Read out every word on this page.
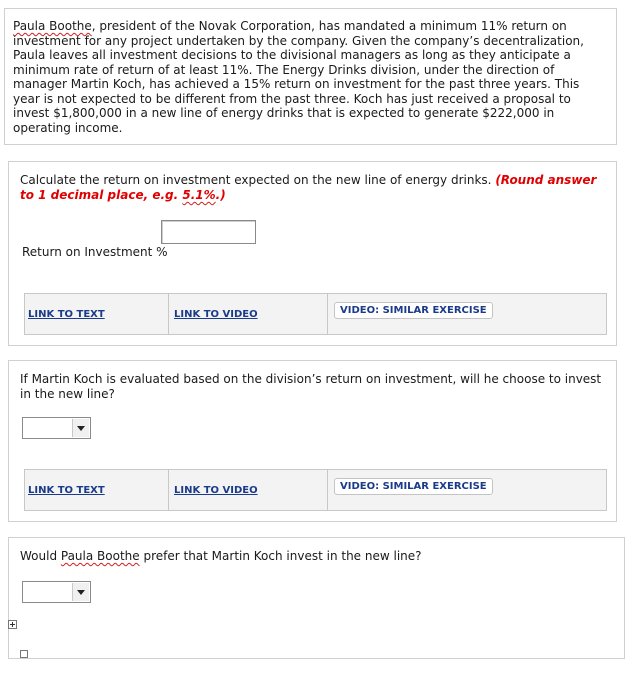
Paula Boothe, president of the Novak Corporation, has mandated a minimum 11% return on investment for any project undertaken by the company. Given the company’s decentralization, Paula leaves all investment decisions to the divisional managers as long as they anticipate a minimum rate of return of at least 11%. The Energy Drinks division, under the direction of manager Martin Koch, has achieved a 15% return on investment for the past three years. This year is not expected to be different from the past three. Koch has just received a proposal to invest $1,800,000 in a new line of energy drinks that is expected to generate $222,000 in operating income.
Calculate the return on investment expected on the new line of energy drinks. (Round answer to 1 decimal place, e.g. 5.1%.)
Return on Investment %
LINK TO TEXT	LINK TO VIDEO	VIDEO: SIMILAR EXERCISE
If Martin Koch is evaluated based on the division’s return on investment, will he choose to invest in the new line?
LINK TO TEXT	LINK TO VIDEO	VIDEO: SIMILAR EXERCISE
Would Paula Boothe prefer that Martin Koch invest in the new line?
